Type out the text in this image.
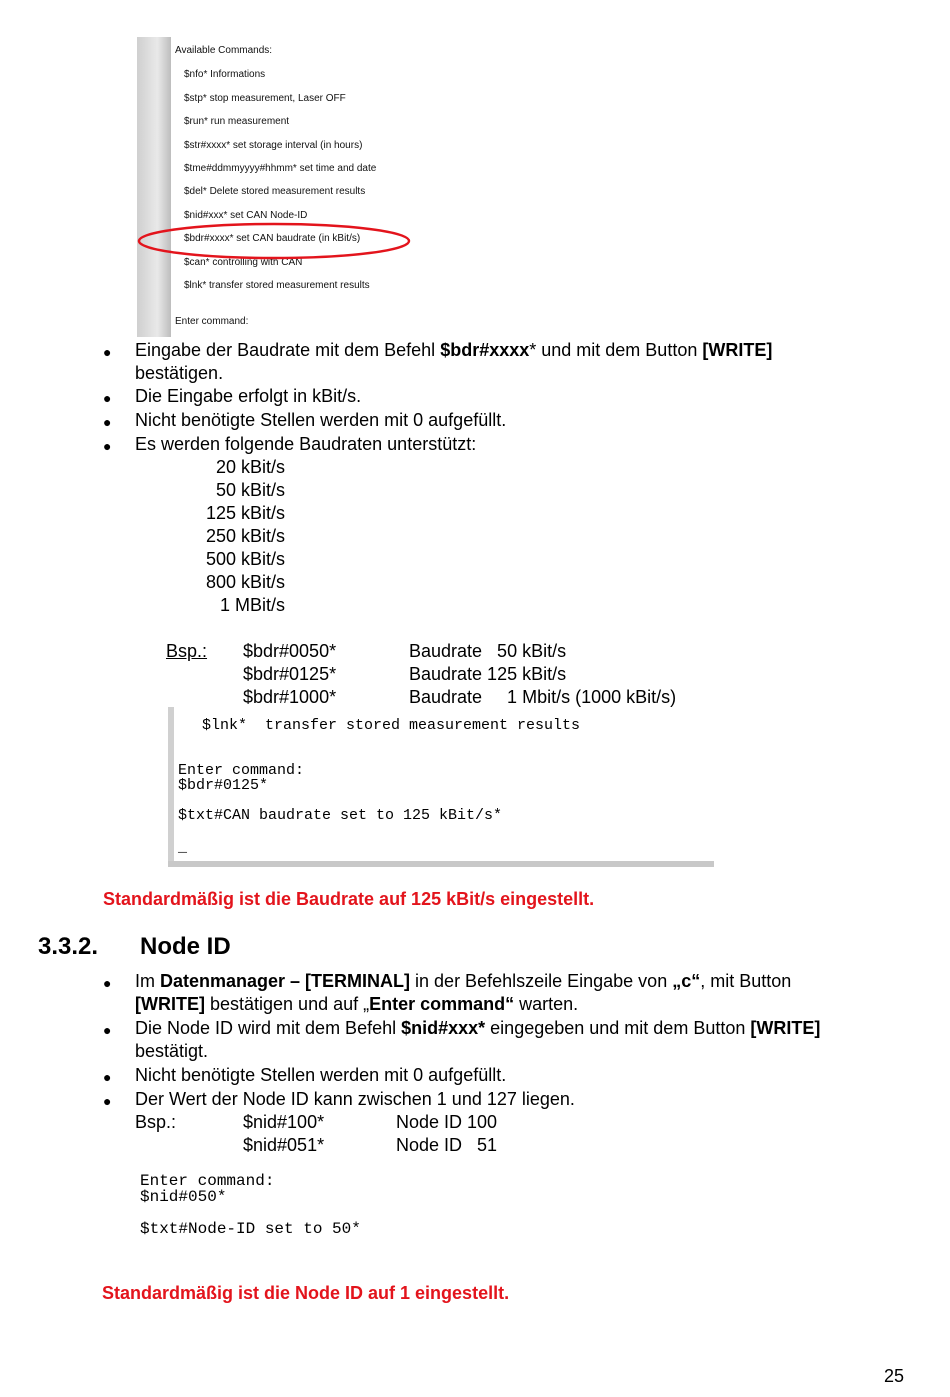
Available Commands:
$nfo* Informations
$stp* stop measurement, Laser OFF
$run* run measurement
$str#xxxx* set storage interval (in hours)
$tme#ddmmyyyy#hhmm* set time and date
$del* Delete stored measurement results
$nid#xxx* set CAN Node-ID
$bdr#xxxx* set CAN baudrate (in kBit/s)
$can* controlling with CAN
$lnk* transfer stored measurement results
Enter command:
● Eingabe der Baudrate mit dem Befehl $bdr#xxxx* und mit dem Button [WRITE]
bestätigen.
● Die Eingabe erfolgt in kBit/s.
● Nicht benötigte Stellen werden mit 0 aufgefüllt.
● Es werden folgende Baudraten unterstützt:
20 kBit/s
50 kBit/s
125 kBit/s
250 kBit/s
500 kBit/s
800 kBit/s
1 MBit/s
Bsp.: $bdr#0050*	Baudrate   50 kBit/s
$bdr#0125*	Baudrate 125 kBit/s
$bdr#1000*	Baudrate     1 Mbit/s (1000 kBit/s)
$lnk*  transfer stored measurement results
Enter command:
$bdr#0125*
$txt#CAN baudrate set to 125 kBit/s*
_
Standardmäßig ist die Baudrate auf 125 kBit/s eingestellt.
3.3.2. Node ID
● Im Datenmanager – [TERMINAL] in der Befehlszeile Eingabe von „c“, mit Button
[WRITE] bestätigen und auf „Enter command“ warten.
● Die Node ID wird mit dem Befehl $nid#xxx* eingegeben und mit dem Button [WRITE]
bestätigt.
● Nicht benötigte Stellen werden mit 0 aufgefüllt.
● Der Wert der Node ID kann zwischen 1 und 127 liegen.
Bsp.:	$nid#100*	Node ID 100
$nid#051*	Node ID   51
Enter command:
$nid#050*
$txt#Node-ID set to 50*
Standardmäßig ist die Node ID auf 1 eingestellt.
25
